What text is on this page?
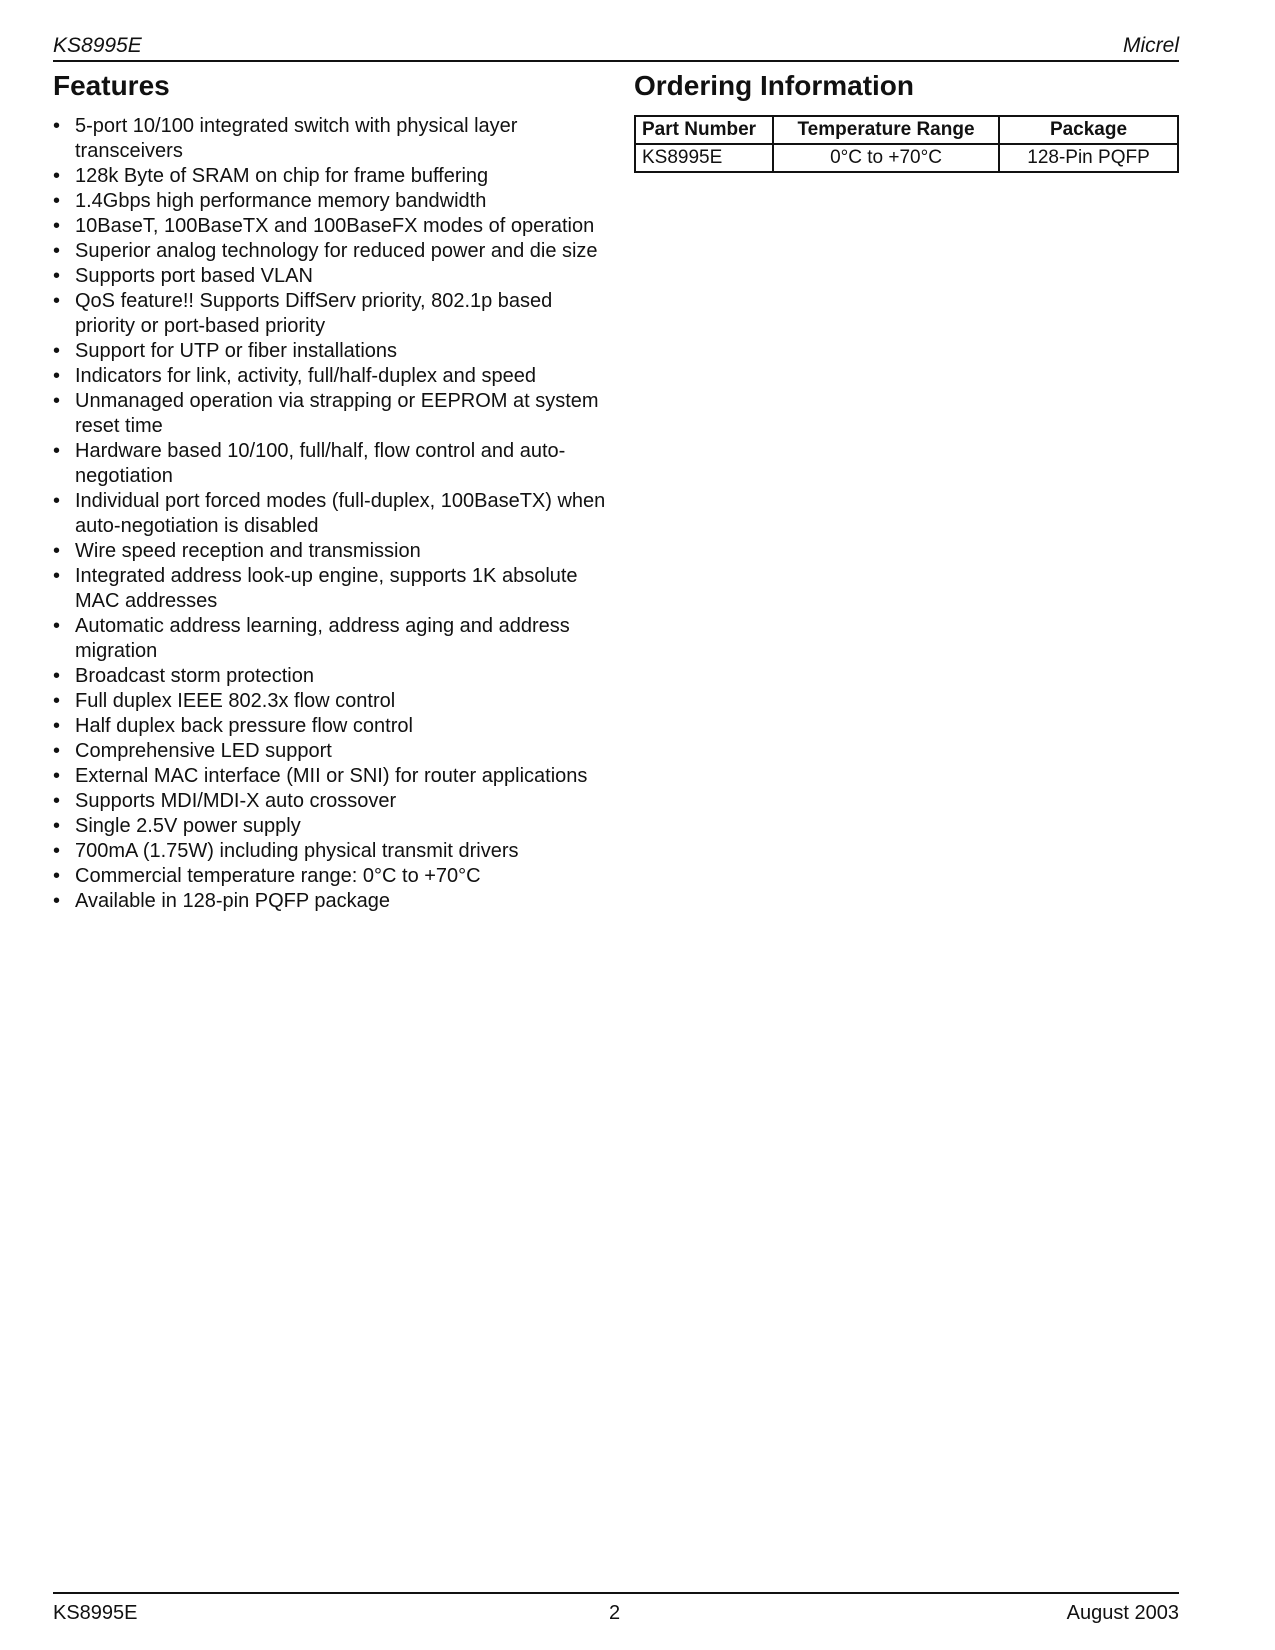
KS8995E	Micrel
Features
• 5-port 10/100 integrated switch with physical layer transceivers
• 128k Byte of SRAM on chip for frame buffering
• 1.4Gbps high performance memory bandwidth
• 10BaseT, 100BaseTX and 100BaseFX modes of operation
• Superior analog technology for reduced power and die size
• Supports port based VLAN
• QoS feature!! Supports DiffServ priority, 802.1p based priority or port-based priority
• Support for UTP or fiber installations
• Indicators for link, activity, full/half-duplex and speed
• Unmanaged operation via strapping or EEPROM at system reset time
• Hardware based 10/100, full/half, flow control and auto-negotiation
• Individual port forced modes (full-duplex, 100BaseTX) when auto-negotiation is disabled
• Wire speed reception and transmission
• Integrated address look-up engine, supports 1K absolute MAC addresses
• Automatic address learning, address aging and address migration
• Broadcast storm protection
• Full duplex IEEE 802.3x flow control
• Half duplex back pressure flow control
• Comprehensive LED support
• External MAC interface (MII or SNI) for router applications
• Supports MDI/MDI-X auto crossover
• Single 2.5V power supply
• 700mA (1.75W) including physical transmit drivers
• Commercial temperature range: 0°C to +70°C
• Available in 128-pin PQFP package
Ordering Information
Part Number	Temperature Range	Package
KS8995E	0°C to +70°C	128-Pin PQFP
KS8995E	2	August 2003
